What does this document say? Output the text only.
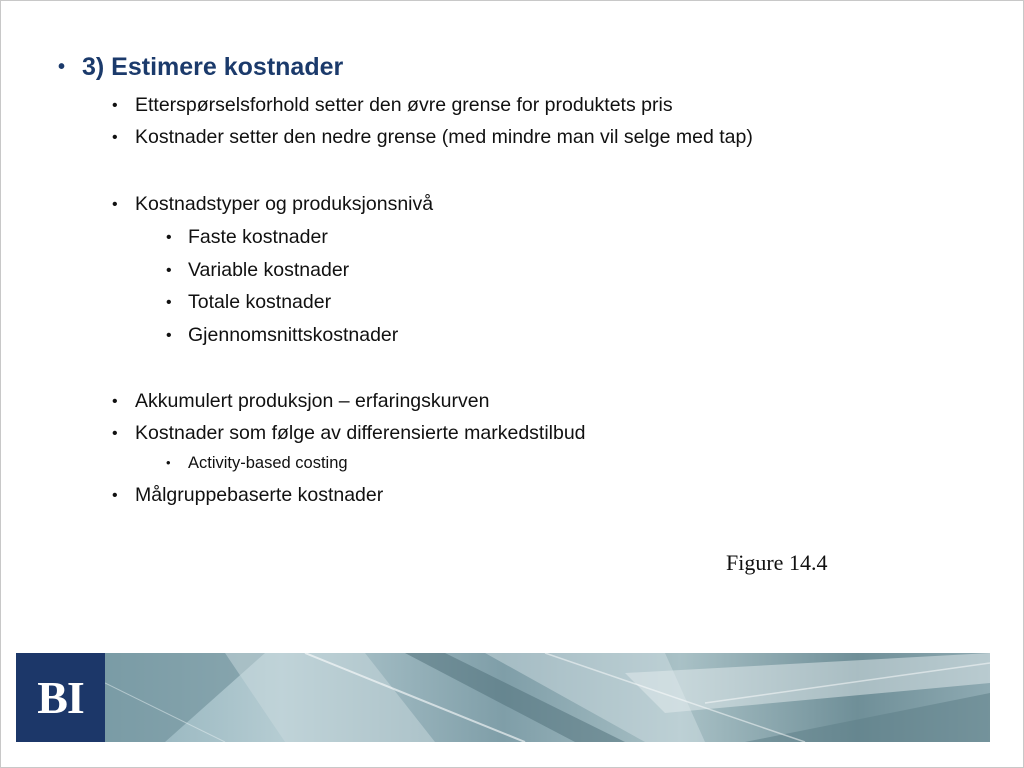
• 3) Estimere kostnader
• Etterspørselsforhold setter den øvre grense for produktets pris
• Kostnader setter den nedre grense (med mindre man vil selge med tap)
• Kostnadstyper og produksjonsnivå
• Faste kostnader
• Variable kostnader
• Totale kostnader
• Gjennomsnittskostnader
• Akkumulert produksjon – erfaringskurven
• Kostnader som følge av differensierte markedstilbud
• Activity-based costing
• Målgruppebaserte kostnader
Figure 14.4
BI
